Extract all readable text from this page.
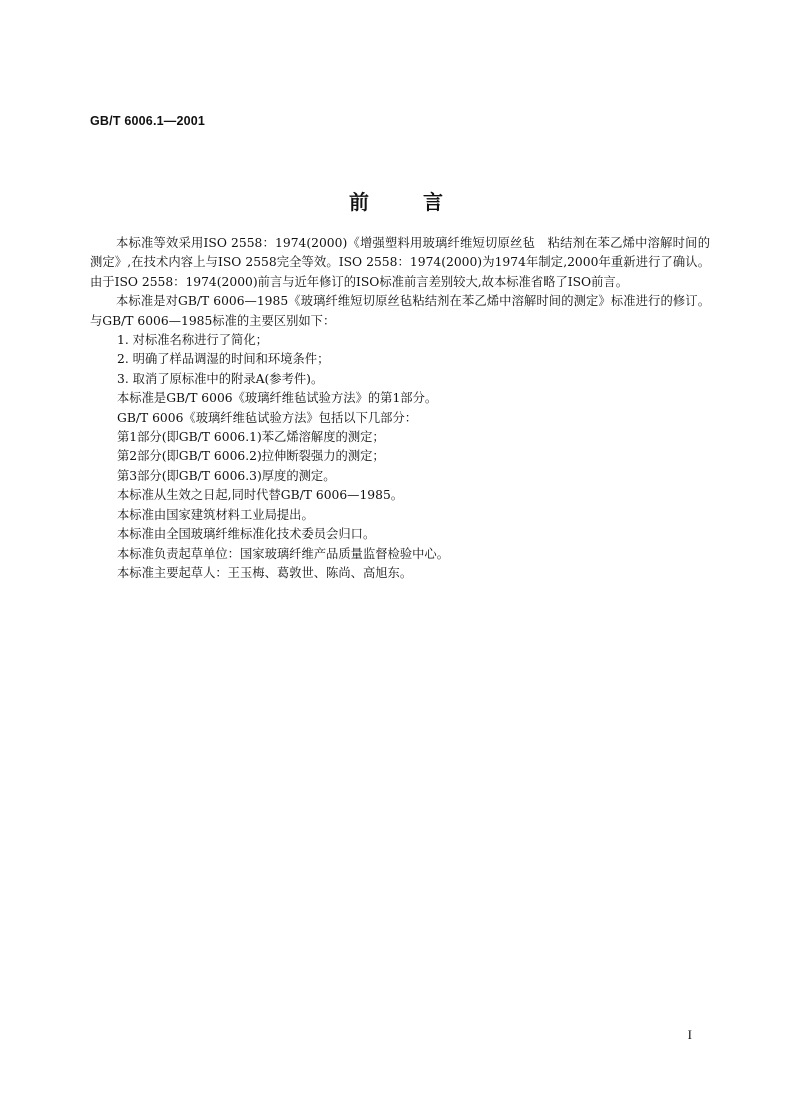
GB/T 6006.1—2001
前言

本标准等效采用ISO 2558：1974(2000)《增强塑料用玻璃纤维短切原丝毡　粘结剂在苯乙烯中溶解时间的测定》,在技术内容上与ISO 2558完全等效。ISO 2558：1974(2000)为1974年制定,2000年重新进行了确认。由于ISO 2558：1974(2000)前言与近年修订的ISO标准前言差别较大,故本标准省略了ISO前言。

本标准是对GB/T 6006—1985《玻璃纤维短切原丝毡粘结剂在苯乙烯中溶解时间的测定》标准进行的修订。与GB/T 6006—1985标准的主要区别如下：

1. 对标准名称进行了简化；

2. 明确了样品调湿的时间和环境条件；

3. 取消了原标准中的附录A(参考件)。

本标准是GB/T 6006《玻璃纤维毡试验方法》的第1部分。

GB/T 6006《玻璃纤维毡试验方法》包括以下几部分：

第1部分(即GB/T 6006.1)苯乙烯溶解度的测定；

第2部分(即GB/T 6006.2)拉伸断裂强力的测定；

第3部分(即GB/T 6006.3)厚度的测定。

本标准从生效之日起,同时代替GB/T 6006—1985。

本标准由国家建筑材料工业局提出。

本标准由全国玻璃纤维标准化技术委员会归口。

本标准负责起草单位：国家玻璃纤维产品质量监督检验中心。

本标准主要起草人：王玉梅、葛敦世、陈尚、高旭东。

I
